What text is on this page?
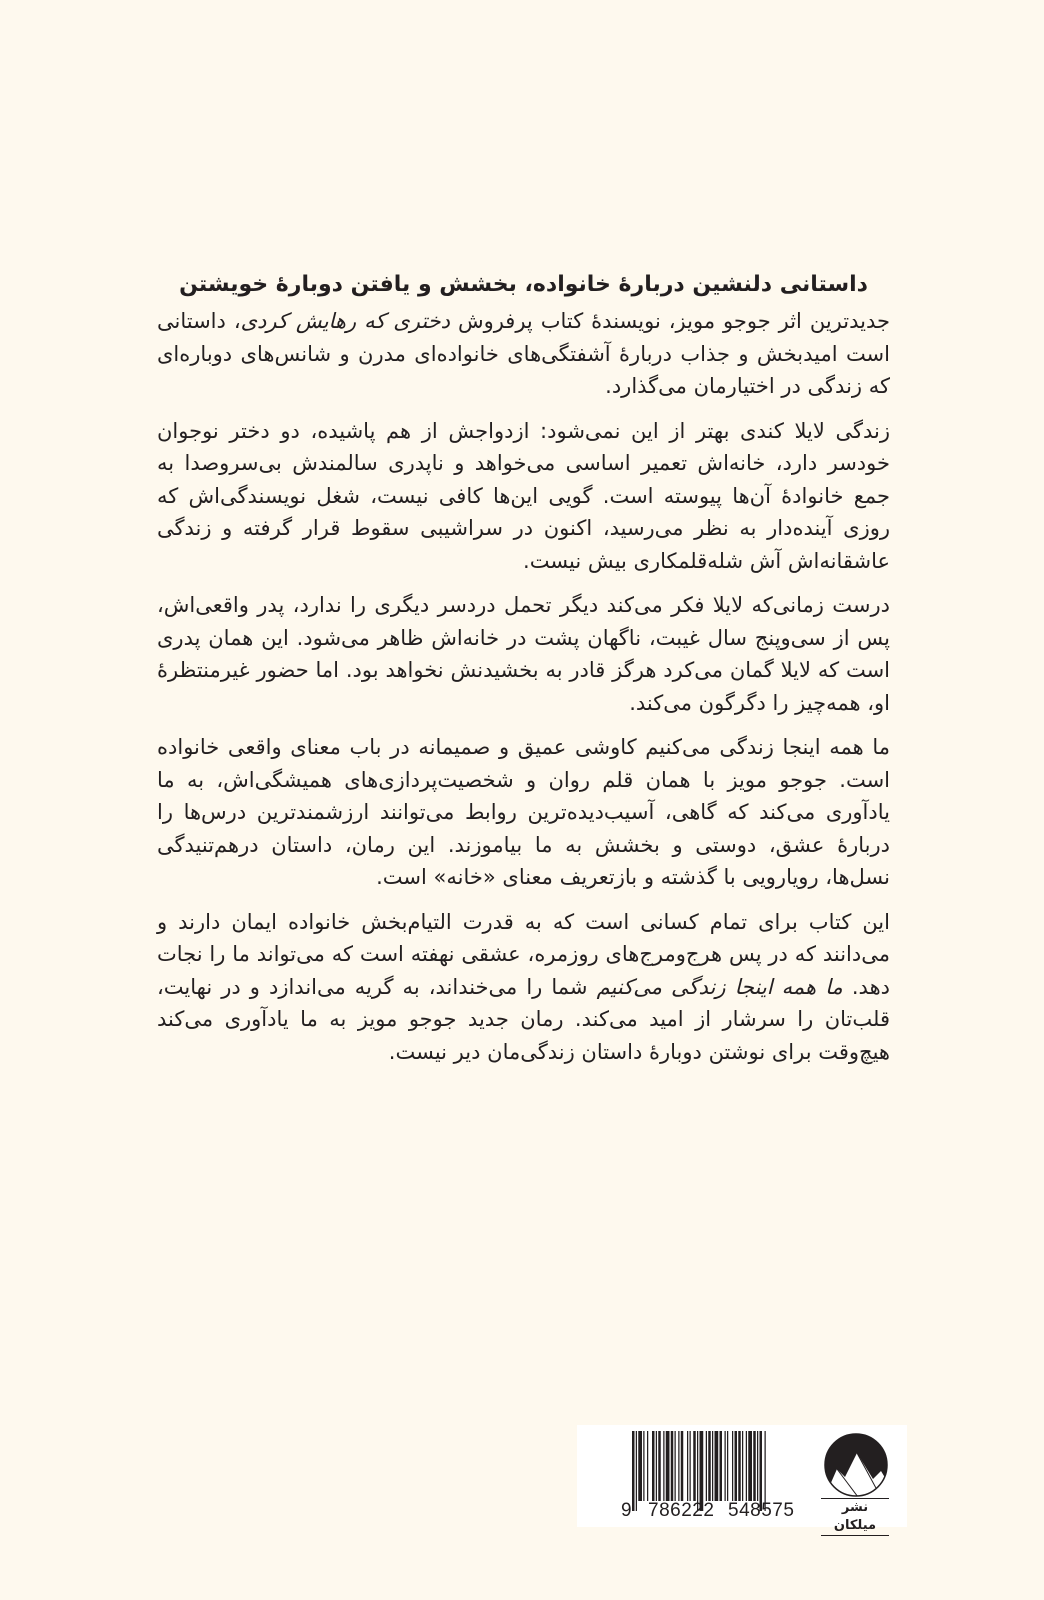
داستانی دلنشین دربارهٔ خانواده، بخشش و یافتن دوبارهٔ خویشتن

جدیدترین اثر جوجو مویز، نویسندهٔ کتاب پرفروش دختری که رهایش کردی، داستانی است امیدبخش و جذاب دربارهٔ آشفتگی‌های خانواده‌ای مدرن و شانس‌های دوباره‌ای که زندگی در اختیارمان می‌گذارد.

زندگی لایلا کندی بهتر از این نمی‌شود: ازدواجش از هم پاشیده، دو دختر نوجوان خودسر دارد، خانه‌اش تعمیر اساسی می‌خواهد و ناپدری سالمندش بی‌سروصدا به جمع خانوادهٔ آن‌ها پیوسته است. گویی این‌ها کافی نیست، شغل نویسندگی‌اش که روزی آینده‌دار به نظر می‌رسید، اکنون در سراشیبی سقوط قرار گرفته و زندگی عاشقانه‌اش آش شله‌قلمکاری بیش نیست.

درست زمانی‌که لایلا فکر می‌کند دیگر تحمل دردسر دیگری را ندارد، پدر واقعی‌اش، پس از سی‌وپنج سال غیبت، ناگهان پشت در خانه‌اش ظاهر می‌شود. این همان پدری است که لایلا گمان می‌کرد هرگز قادر به بخشیدنش نخواهد بود. اما حضور غیرمنتظرهٔ او، همه‌چیز را دگرگون می‌کند.

ما همه اینجا زندگی می‌کنیم کاوشی عمیق و صمیمانه در باب معنای واقعی خانواده است. جوجو مویز با همان قلم روان و شخصیت‌پردازی‌های همیشگی‌اش، به ما یادآوری می‌کند که گاهی، آسیب‌دیده‌ترین روابط می‌توانند ارزشمندترین درس‌ها را دربارهٔ عشق، دوستی و بخشش به ما بیاموزند. این رمان، داستان درهم‌تنیدگی نسل‌ها، رویارویی با گذشته و بازتعریف معنای «خانه» است.

این کتاب برای تمام کسانی است که به قدرت التیام‌بخش خانواده ایمان دارند و می‌دانند که در پس هرج‌ومرج‌های روزمره، عشقی نهفته است که می‌تواند ما را نجات دهد. ما همه اینجا زندگی می‌کنیم شما را می‌خنداند، به گریه می‌اندازد و در نهایت، قلب‌تان را سرشار از امید می‌کند. رمان جدید جوجو مویز به ما یادآوری می‌کند هیچ‌وقت برای نوشتن دوبارهٔ داستان زندگی‌مان دیر نیست.

9 786222 548575	نشر میلکان
